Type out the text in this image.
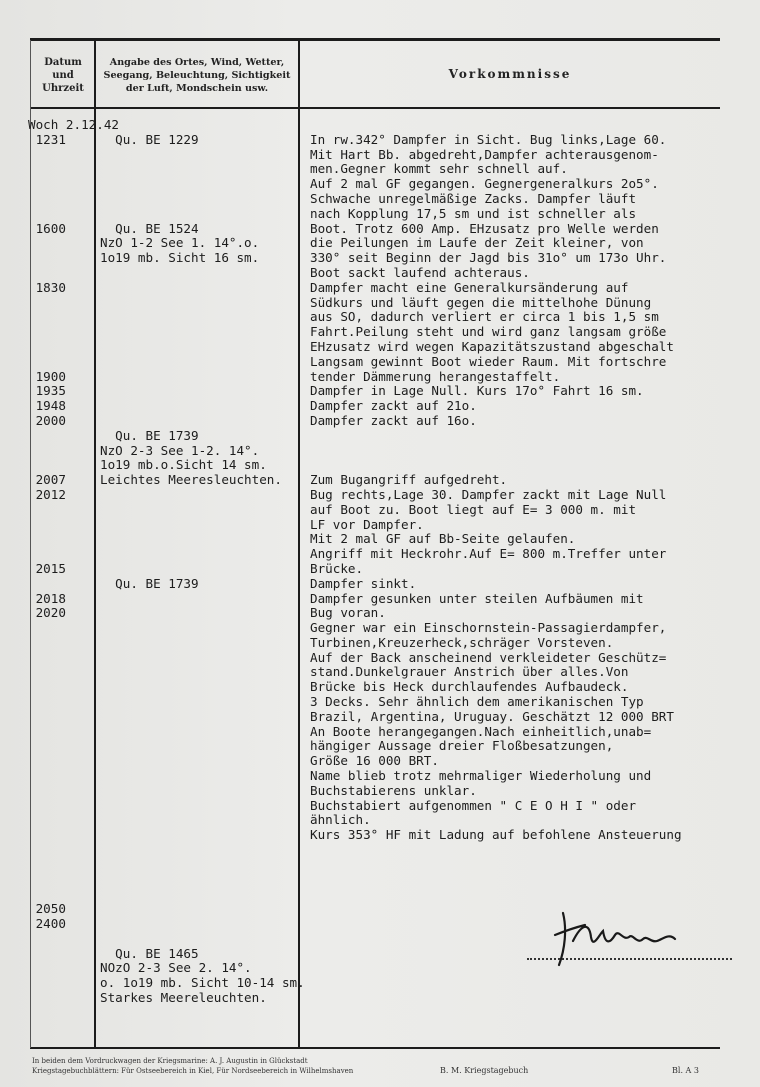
Datum
und
Uhrzeit
Angabe des Ortes, Wind, Wetter,
Seegang, Beleuchtung, Sichtigkeit
der Luft, Mondschein usw.
Vorkommnisse
Woch 2.12.42
1231

1600

1830

1900
1935
1948
2000

2007
2012

2015

2018
2020

2050
2400

Qu. BE 1229

Qu. BE 1524
NzO 1-2 See 1. 14°.o.
1o19 mb. Sicht 16 sm.

Qu. BE 1739
NzO 2-3 See 1-2. 14°.
1o19 mb.o.Sicht 14 sm.
Leichtes Meeresleuchten.

Qu. BE 1739

Qu. BE 1465
NOzO 2-3 See 2. 14°.
o. 1o19 mb. Sicht 10-14 sm.
Starkes Meereleuchten.

In rw.342° Dampfer in Sicht. Bug links,Lage 60.
Mit Hart Bb. abgedreht,Dampfer achterausgenom-
men.Gegner kommt sehr schnell auf.
Auf 2 mal GF gegangen. Gegnergeneralkurs 2o5°.
Schwache unregelmäßige Zacks. Dampfer läuft
nach Kopplung 17,5 sm und ist schneller als
Boot. Trotz 600 Amp. EHzusatz pro Welle werden
die Peilungen im Laufe der Zeit kleiner, von
330° seit Beginn der Jagd bis 31o° um 173o Uhr.
Boot sackt laufend achteraus.
Dampfer macht eine Generalkursänderung auf
Südkurs und läuft gegen die mittelhohe Dünung
aus SO, dadurch verliert er circa 1 bis 1,5 sm
Fahrt.Peilung steht und wird ganz langsam größe
EHzusatz wird wegen Kapazitätszustand abgeschalt
Langsam gewinnt Boot wieder Raum. Mit fortschre
tender Dämmerung herangestaffelt.
Dampfer in Lage Null. Kurs 17o° Fahrt 16 sm.
Dampfer zackt auf 21o.
Dampfer zackt auf 16o.

Zum Bugangriff aufgedreht.
Bug rechts,Lage 30. Dampfer zackt mit Lage Null
auf Boot zu. Boot liegt auf E= 3 000 m. mit
LF vor Dampfer.
Mit 2 mal GF auf Bb-Seite gelaufen.
Angriff mit Heckrohr.Auf E= 800 m.Treffer unter
Brücke.
Dampfer sinkt.
Dampfer gesunken unter steilen Aufbäumen mit
Bug voran.
Gegner war ein Einschornstein-Passagierdampfer,
Turbinen,Kreuzerheck,schräger Vorsteven.
Auf der Back anscheinend verkleideter Geschütz=
stand.Dunkelgrauer Anstrich über alles.Von
Brücke bis Heck durchlaufendes Aufbaudeck.
3 Decks. Sehr ähnlich dem amerikanischen Typ
Brazil, Argentina, Uruguay. Geschätzt 12 000 BRT
An Boote herangegangen.Nach einheitlich,unab=
hängiger Aussage dreier Floßbesatzungen,
Größe 16 000 BRT.
Name blieb trotz mehrmaliger Wiederholung und
Buchstabierens unklar.
Buchstabiert aufgenommen " C E O H I " oder
ähnlich.
Kurs 353° HF mit Ladung auf befohlene Ansteuerung
In beiden dem Vordruckwagen der Kriegsmarine: A. J. Augustin in Glückstadt
Kriegstagebuchblättern: Für Ostseebereich in Kiel, Für Nordseebereich in Wilhelmshaven	B. M. Kriegstagebuch	Bl. A 3
